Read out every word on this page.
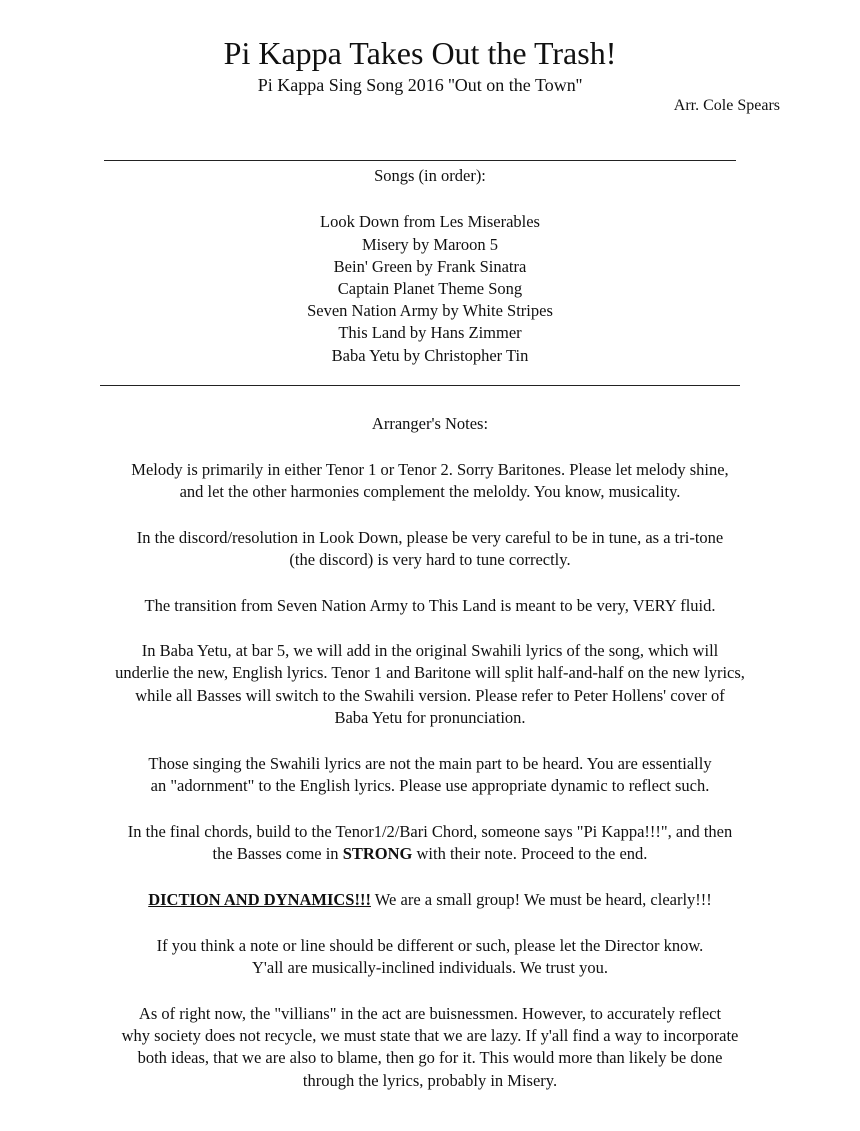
Pi Kappa Takes Out the Trash!
Pi Kappa Sing Song 2016 ''Out on the Town''
Arr. Cole Spears
Songs (in order):
Look Down from Les Miserables
Misery by Maroon 5
Bein' Green by Frank Sinatra
Captain Planet Theme Song
Seven Nation Army by White Stripes
This Land by Hans Zimmer
Baba Yetu by Christopher Tin
Arranger's Notes:
Melody is primarily in either Tenor 1 or Tenor 2. Sorry Baritones. Please let melody shine,
and let the other harmonies complement the meloldy. You know, musicality.
In the discord/resolution in Look Down, please be very careful to be in tune, as a tri-tone
(the discord) is very hard to tune correctly.
The transition from Seven Nation Army to This Land is meant to be very, VERY fluid.
In Baba Yetu, at bar 5, we will add in the original Swahili lyrics of the song, which will
underlie the new, English lyrics. Tenor 1 and Baritone will split half-and-half on the new lyrics,
while all Basses will switch to the Swahili version. Please refer to Peter Hollens' cover of
Baba Yetu for pronunciation.
Those singing the Swahili lyrics are not the main part to be heard. You are essentially
an "adornment" to the English lyrics. Please use appropriate dynamic to reflect such.
In the final chords, build to the Tenor1/2/Bari Chord, someone says "Pi Kappa!!!", and then
the Basses come in STRONG with their note. Proceed to the end.
DICTION AND DYNAMICS!!! We are a small group! We must be heard, clearly!!!
If you think a note or line should be different or such, please let the Director know.
Y'all are musically-inclined individuals. We trust you.
As of right now, the "villians" in the act are buisnessmen. However, to accurately reflect
why society does not recycle, we must state that we are lazy. If y'all find a way to incorporate
both ideas, that we are also to blame, then go for it. This would more than likely be done
through the lyrics, probably in Misery.
